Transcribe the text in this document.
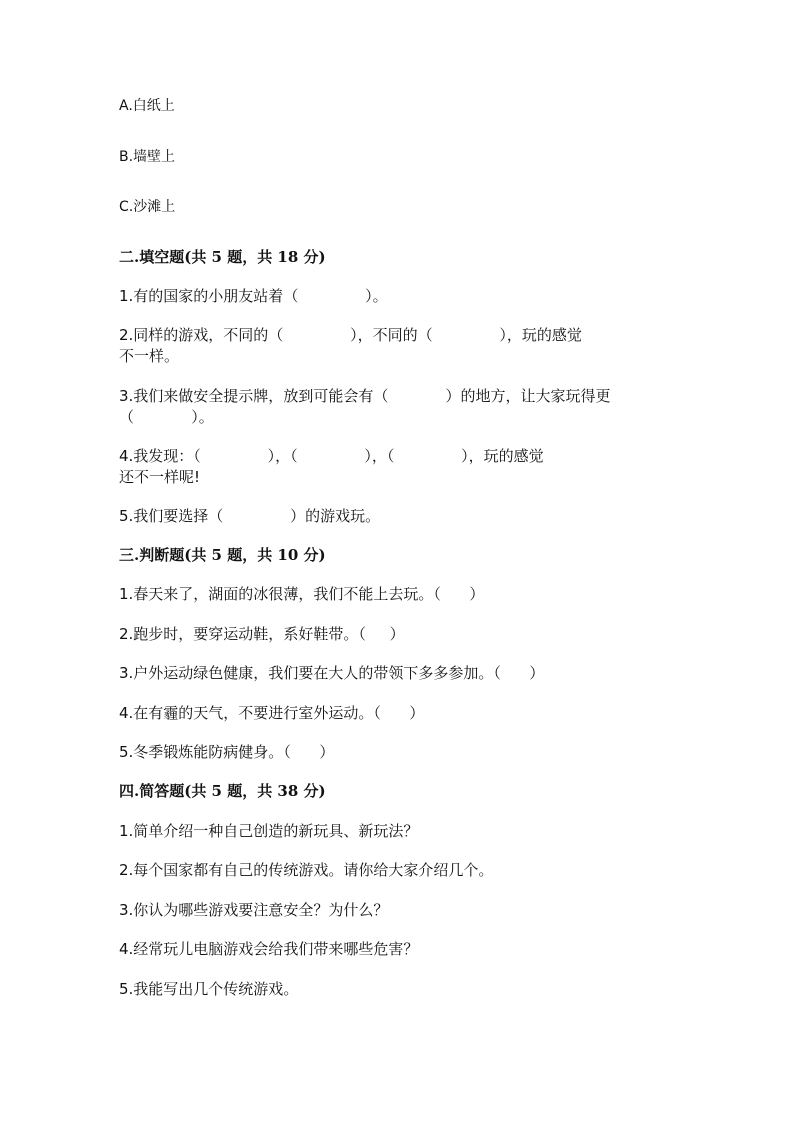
A.白纸上
B.墙壁上
C.沙滩上
二.填空题(共 5 题，共 18 分)
1.有的国家的小朋友站着（              ）。
2.同样的游戏，不同的（              ），不同的（              ），玩的感觉
不一样。
3.我们来做安全提示牌，放到可能会有（            ）的地方，让大家玩得更
（            ）。
4.我发现：（              ），（              ），（              ），玩的感觉
还不一样呢!
5.我们要选择（              ）的游戏玩。
三.判断题(共 5 题，共 10 分)
1.春天来了，湖面的冰很薄，我们不能上去玩。（      ）
2.跑步时，要穿运动鞋，系好鞋带。（     ）
3.户外运动绿色健康，我们要在大人的带领下多多参加。（      ）
4.在有霾的天气，不要进行室外运动。（      ）
5.冬季锻炼能防病健身。（      ）
四.简答题(共 5 题，共 38 分)
1.简单介绍一种自己创造的新玩具、新玩法？
2.每个国家都有自己的传统游戏。请你给大家介绍几个。
3.你认为哪些游戏要注意安全？为什么？
4.经常玩儿电脑游戏会给我们带来哪些危害？
5.我能写出几个传统游戏。
